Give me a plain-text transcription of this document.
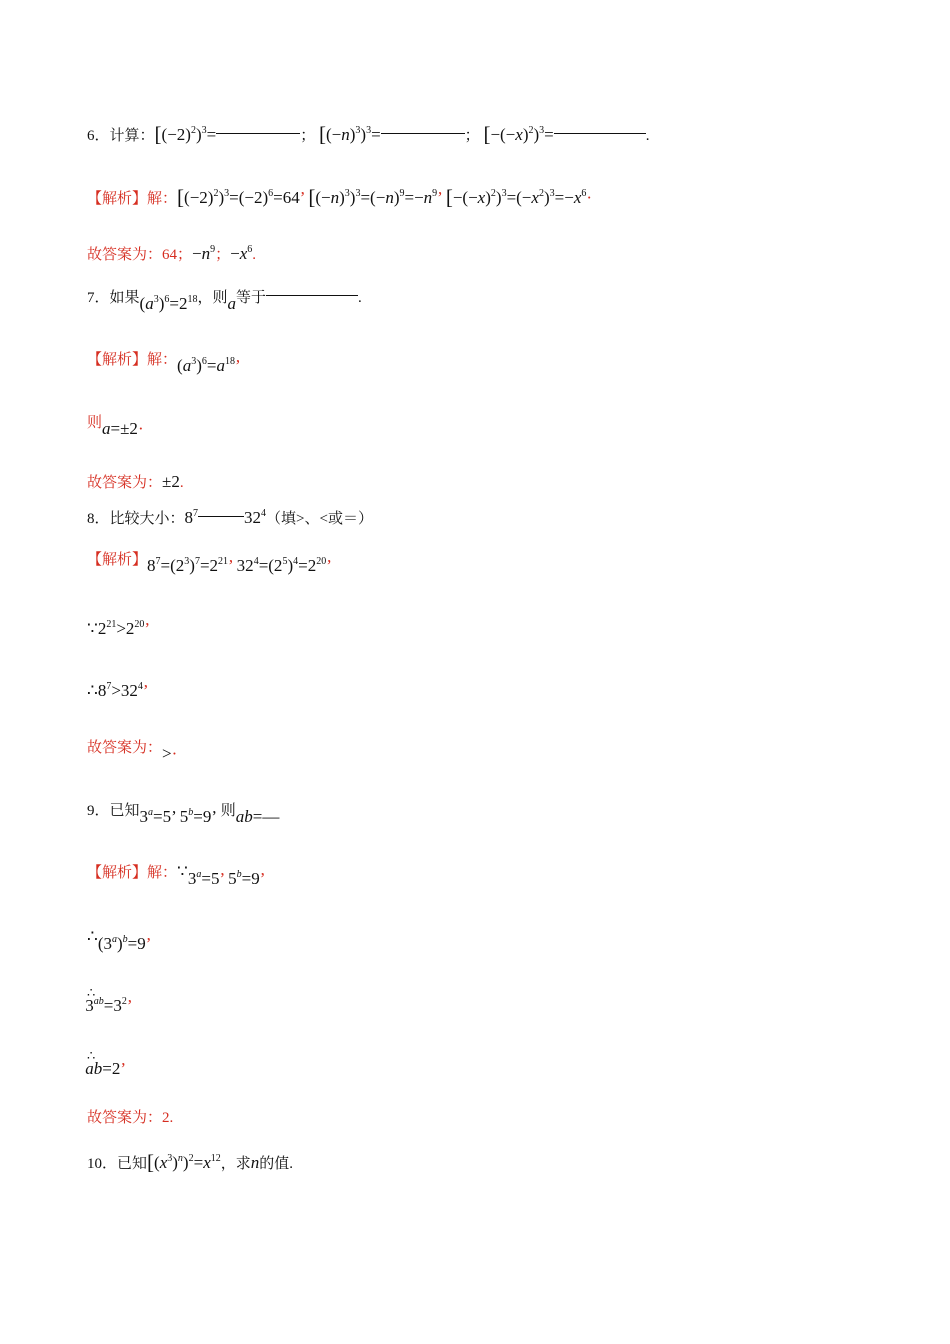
6．计算：$[(-2)^2)^3=$	； $[(-n)^3)^3=$	； $[-(-x)^2)^3=$	.
【解析】解：$[(-2)^2)^3=(-2)^6=64$’ $[(-n)^3)^3=(-n)^9=-n^9$’ $[-(-x)^2)^3=(-x^2)^3=-x^6\cdot$
故答案为：64；$-n^9$；$-x^6$.
7．如果$(a^3)^6=2^{18}$，则a等于	.
【解析】解：$(a^3)^6=a^{18}$’
则a=±2·
故答案为：±2.
8．比较大小：$8^7$	$32^4$（填>、<或＝）
【解析】$8^7=(2^3)^7=2^{21}$’ $32^4=(2^5)^4=2^{20}$’
$\because 2^{21}>2^{20}$’
$\therefore 8^7>32^4$’
故答案为：>·
9．已知$3^a=5$’ $5^b=9$’ 则ab=—
【解析】解：$\because 3^a=5$’ $5^b=9$’
$\therefore(3^a)^b=9$’
$^\therefore 3^{ab}=3^2$’
∴ab=2’
故答案为：2.
10．已知$[(x^3)^n)^2=x^{12}$，求n的值.
